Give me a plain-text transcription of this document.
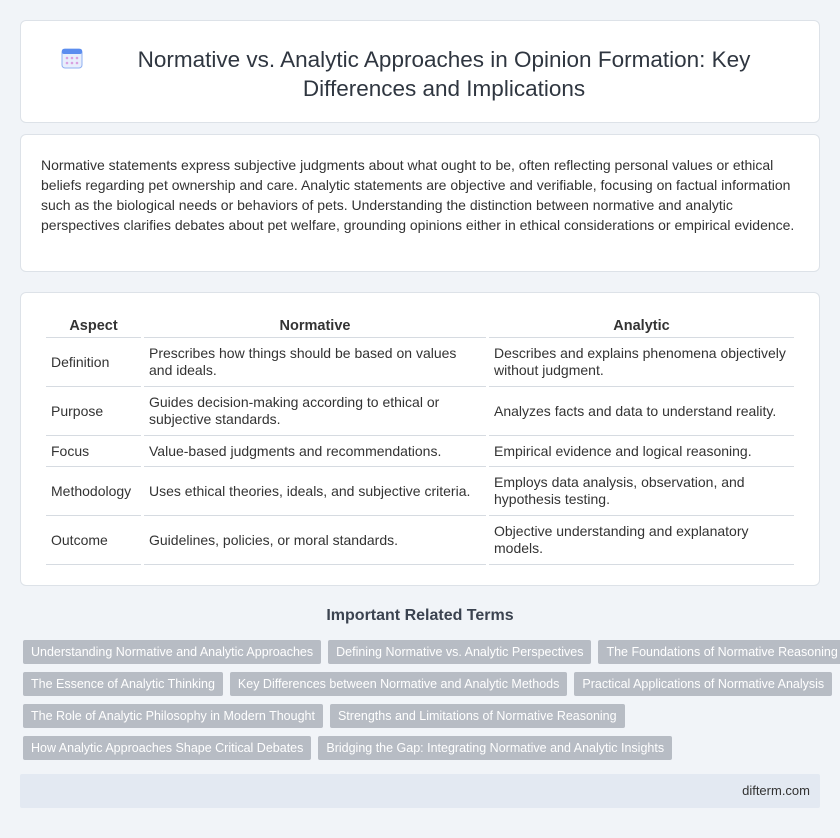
Normative vs. Analytic Approaches in Opinion Formation: Key Differences and Implications

Normative statements express subjective judgments about what ought to be, often reflecting personal values or ethical beliefs regarding pet ownership and care. Analytic statements are objective and verifiable, focusing on factual information such as the biological needs or behaviors of pets. Understanding the distinction between normative and analytic perspectives clarifies debates about pet welfare, grounding opinions either in ethical considerations or empirical evidence.

Aspect	Normative	Analytic
Definition	Prescribes how things should be based on values and ideals.	Describes and explains phenomena objectively without judgment.
Purpose	Guides decision-making according to ethical or subjective standards.	Analyzes facts and data to understand reality.
Focus	Value-based judgments and recommendations.	Empirical evidence and logical reasoning.
Methodology	Uses ethical theories, ideals, and subjective criteria.	Employs data analysis, observation, and hypothesis testing.
Outcome	Guidelines, policies, or moral standards.	Objective understanding and explanatory models.
Important Related Terms
Understanding Normative and Analytic Approaches	Defining Normative vs. Analytic Perspectives	The Foundations of Normative Reasoning
The Essence of Analytic Thinking	Key Differences between Normative and Analytic Methods	Practical Applications of Normative Analysis
The Role of Analytic Philosophy in Modern Thought	Strengths and Limitations of Normative Reasoning
How Analytic Approaches Shape Critical Debates	Bridging the Gap: Integrating Normative and Analytic Insights
difterm.com
